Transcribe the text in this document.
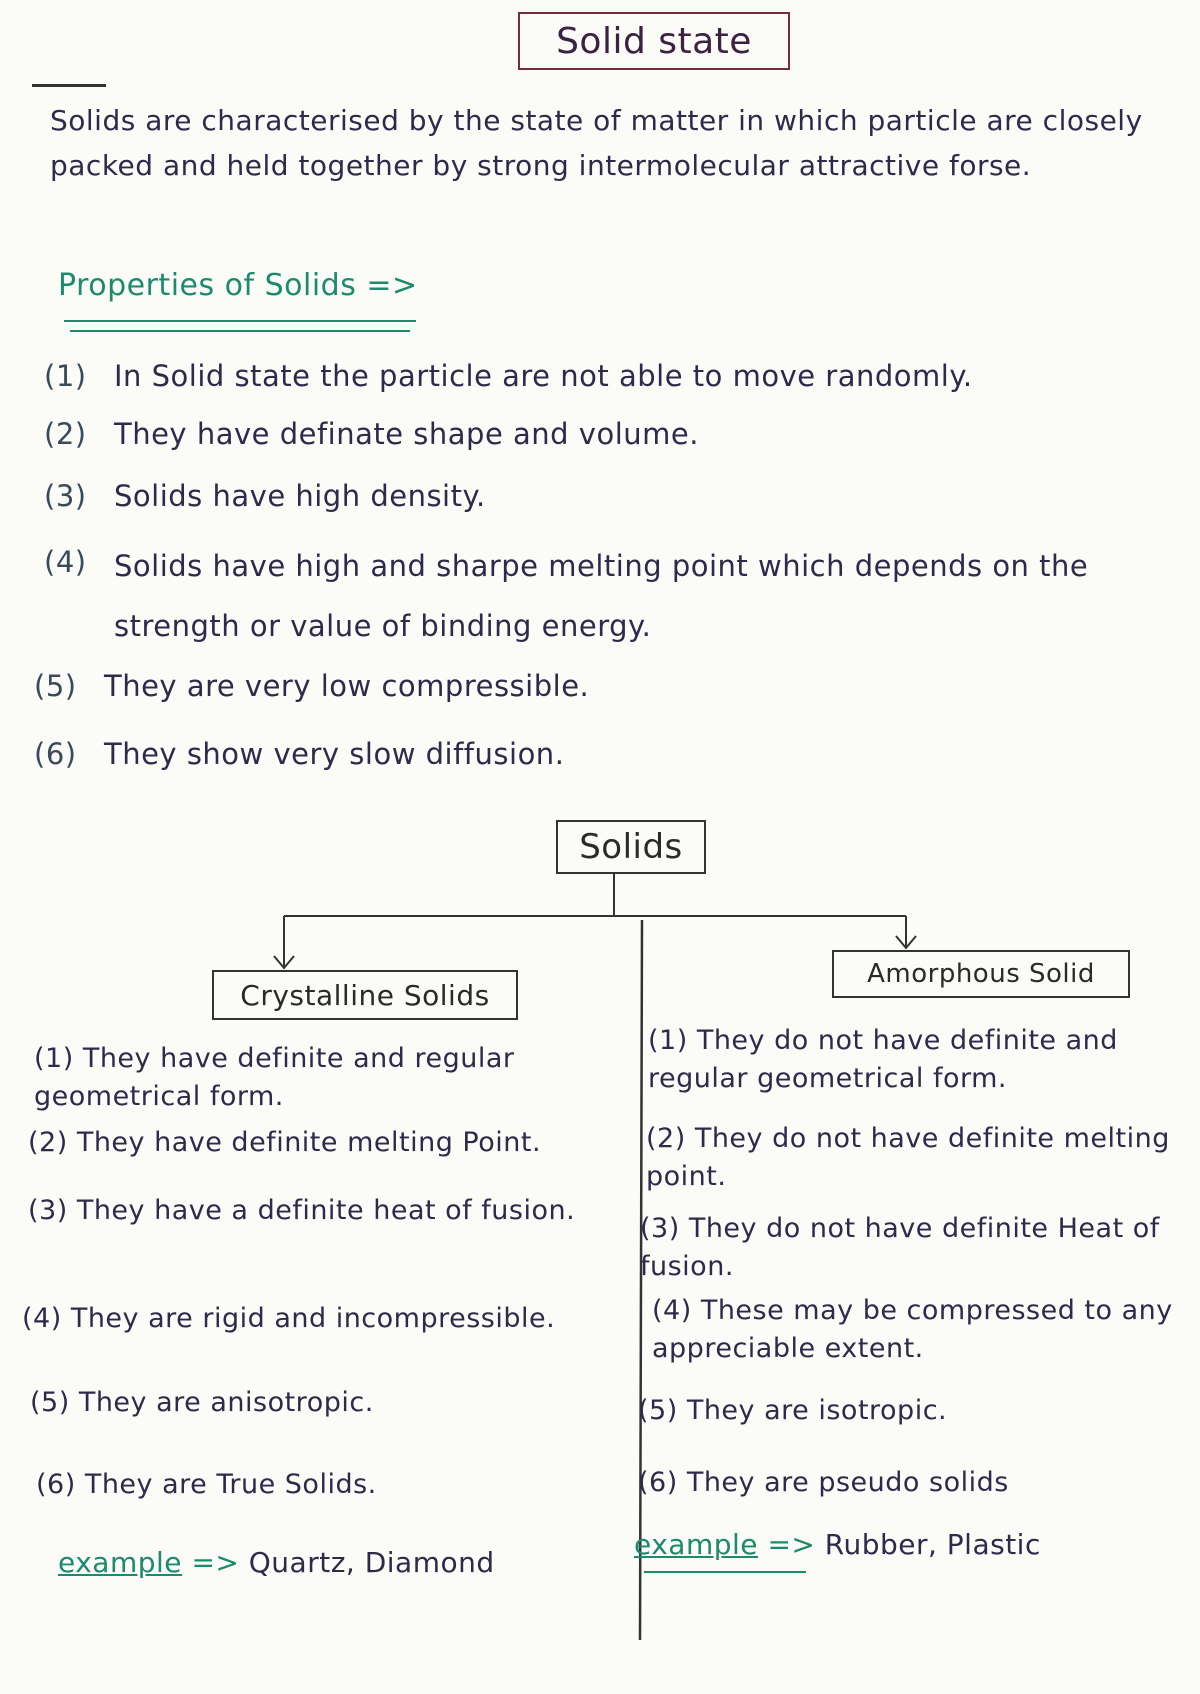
Solid state
Solids are characterised by the state of matter in which particle are closely packed and held together by strong intermolecular attractive forse.
Properties of Solids =>
(1) In Solid state the particle are not able to move randomly.
(2) They have definate shape and volume.
(3) Solids have high density.
(4) Solids have high and sharpe melting point which depends on the strength or value of binding energy.
(5) They are very low compressible.
(6) They show very slow diffusion.
Solids
Crystalline Solids
Amorphous Solid
(1) They have definite and regular geometrical form.
(2) They have definite melting Point.
(3) They have a definite heat of fusion.
(4) They are rigid and incompressible.
(5) They are anisotropic.
(6) They are True Solids.
example => Quartz, Diamond
(1) They do not have definite and regular geometrical form.
(2) They do not have definite melting point.
(3) They do not have definite Heat of fusion.
(4) These may be compressed to any appreciable extent.
(5) They are isotropic.
(6) They are pseudo solids
example => Rubber, Plastic
